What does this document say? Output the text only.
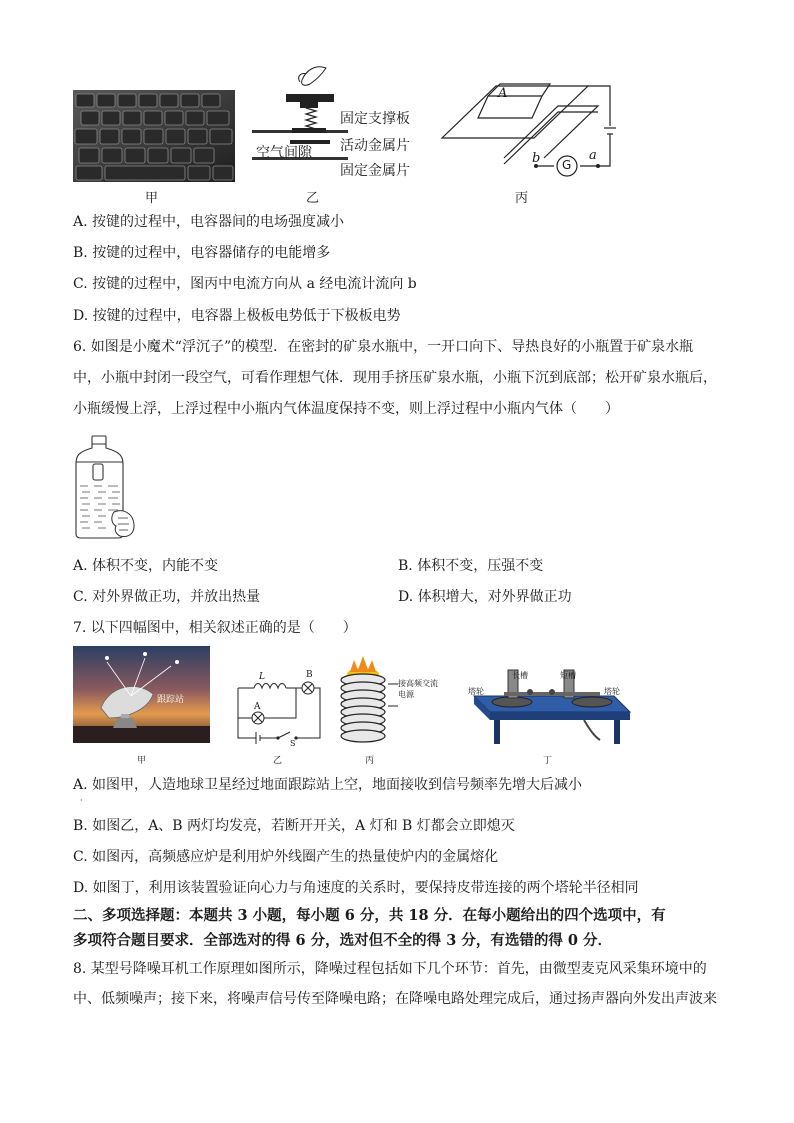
甲
固定支撑板
活动金属片
空气间隙
固定金属片
乙
A
b	a
G
丙
A. 按键的过程中，电容器间的电场强度减小
B. 按键的过程中，电容器储存的电能增多
C. 按键的过程中，图丙中电流方向从 a 经电流计流向 b
D. 按键的过程中，电容器上极板电势低于下极板电势
6. 如图是小魔术“浮沉子”的模型．在密封的矿泉水瓶中，一开口向下、导热良好的小瓶置于矿泉水瓶
中，小瓶中封闭一段空气，可看作理想气体．现用手挤压矿泉水瓶，小瓶下沉到底部；松开矿泉水瓶后，
小瓶缓慢上浮，上浮过程中小瓶内气体温度保持不变，则上浮过程中小瓶内气体（　　）
A. 体积不变，内能不变	B. 体积不变，压强不变
C. 对外界做正功，并放出热量	D. 体积增大，对外界做正功
7. 以下四幅图中，相关叙述正确的是（　　）
跟踪站
甲
L	B
A
S
乙
接高频交流电源
丙
塔轮
长槽	短槽
塔轮
丁
A. 如图甲，人造地球卫星经过地面跟踪站上空，地面接收到信号频率先增大后减小
·
B. 如图乙，A、B 两灯均发亮，若断开开关，A 灯和 B 灯都会立即熄灭
C. 如图丙，高频感应炉是利用炉外线圈产生的热量使炉内的金属熔化
D. 如图丁，利用该装置验证向心力与角速度的关系时，要保持皮带连接的两个塔轮半径相同
二、多项选择题：本题共 3 小题，每小题 6 分，共 18 分．在每小题给出的四个选项中，有
多项符合题目要求．全部选对的得 6 分，选对但不全的得 3 分，有选错的得 0 分．
8. 某型号降噪耳机工作原理如图所示，降噪过程包括如下几个环节：首先，由微型麦克风采集环境中的
中、低频噪声；接下来，将噪声信号传至降噪电路；在降噪电路处理完成后，通过扬声器向外发出声波来
